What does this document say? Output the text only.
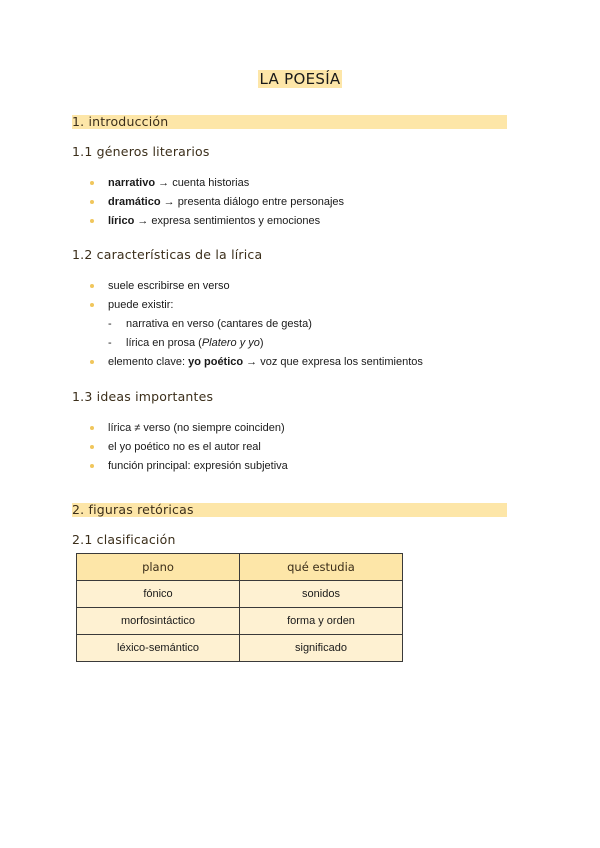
LA POESÍA
1. introducción
1.1 géneros literarios
narrativo → cuenta historias
dramático → presenta diálogo entre personajes
lírico → expresa sentimientos y emociones
1.2 características de la lírica
suele escribirse en verso
puede existir:
- narrativa en verso (cantares de gesta)
- lírica en prosa (Platero y yo)
elemento clave: yo poético → voz que expresa los sentimientos
1.3 ideas importantes
lírica ≠ verso (no siempre coinciden)
el yo poético no es el autor real
función principal: expresión subjetiva
2. figuras retóricas
2.1 clasificación
plano	qué estudia
fónico	sonidos
morfosintáctico	forma y orden
léxico-semántico	significado
